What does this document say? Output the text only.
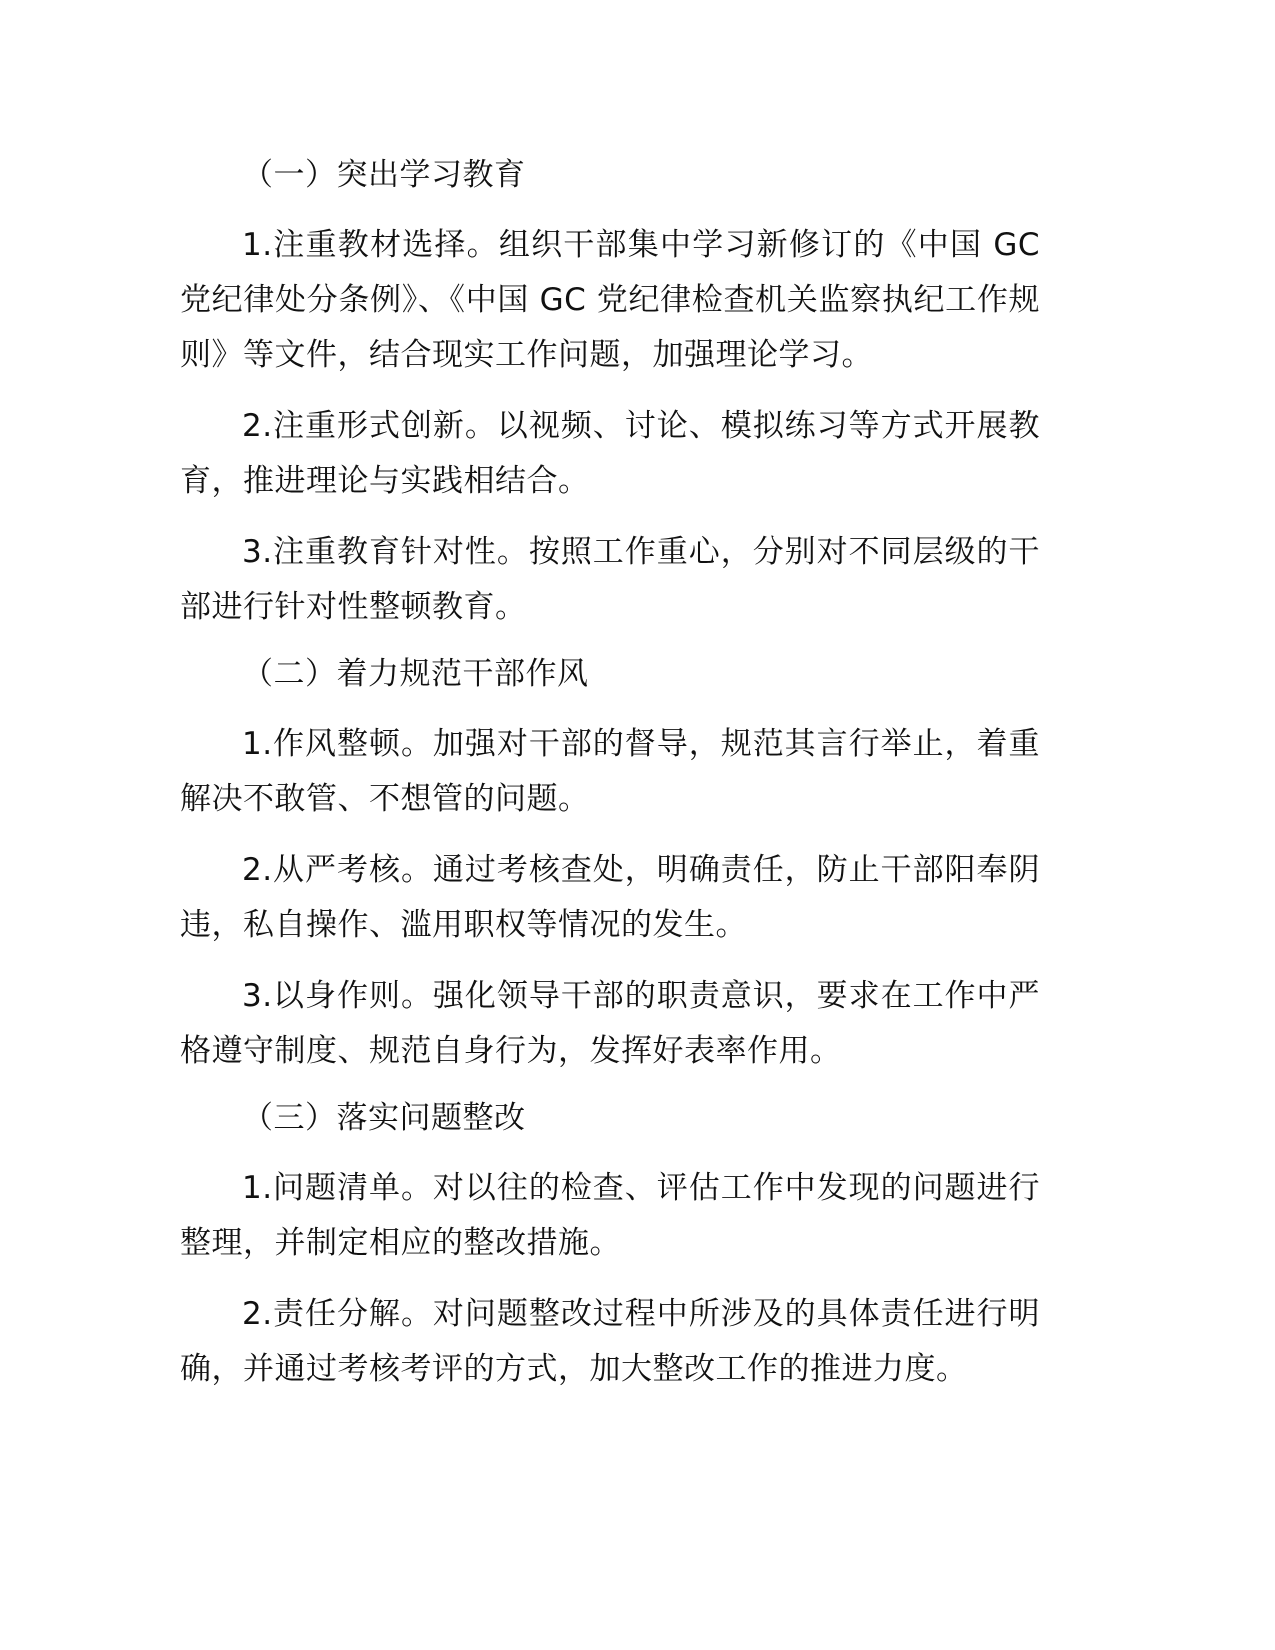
（一）突出学习教育

1.注重教材选择。组织干部集中学习新修订的《中国 GC 党纪律处分条例》、《中国 GC 党纪律检查机关监察执纪工作规则》等文件，结合现实工作问题，加强理论学习。

2.注重形式创新。以视频、讨论、模拟练习等方式开展教育，推进理论与实践相结合。

3.注重教育针对性。按照工作重心，分别对不同层级的干部进行针对性整顿教育。

（二）着力规范干部作风

1.作风整顿。加强对干部的督导，规范其言行举止，着重解决不敢管、不想管的问题。

2.从严考核。通过考核查处，明确责任，防止干部阳奉阴违，私自操作、滥用职权等情况的发生。

3.以身作则。强化领导干部的职责意识，要求在工作中严格遵守制度、规范自身行为，发挥好表率作用。

（三）落实问题整改

1.问题清单。对以往的检查、评估工作中发现的问题进行整理，并制定相应的整改措施。

2.责任分解。对问题整改过程中所涉及的具体责任进行明确，并通过考核考评的方式，加大整改工作的推进力度。
